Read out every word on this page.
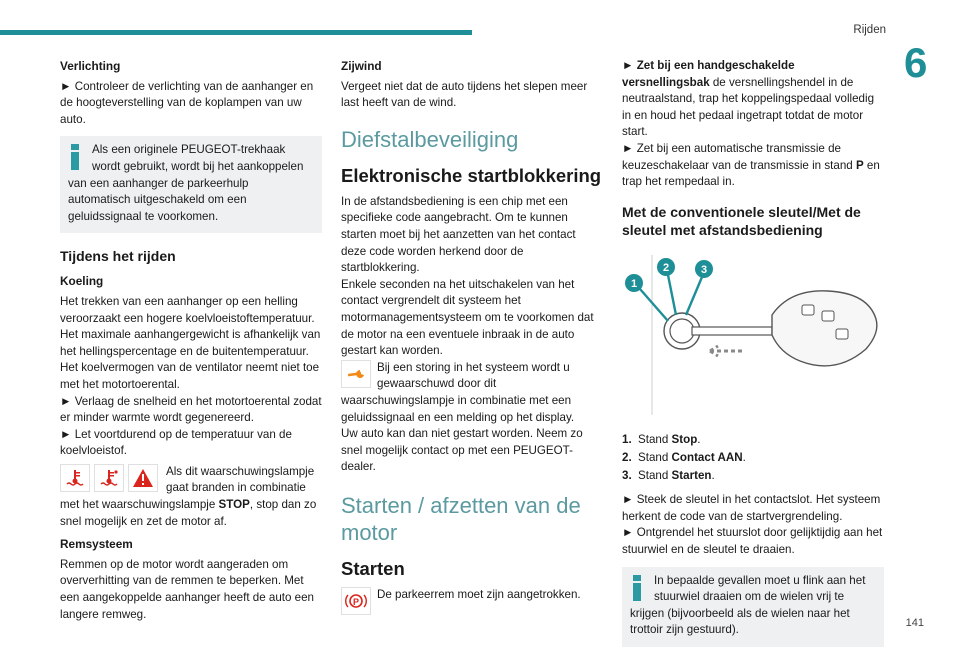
Rijden
6
141
Verlichting

► Controleer de verlichting van de aanhanger en de hoogteverstelling van de koplampen van uw auto.

Als een originele PEUGEOT-trekhaak wordt gebruikt, wordt bij het aankoppelen van een aanhanger de parkeerhulp automatisch uitgeschakeld om een geluidssignaal te voorkomen.
Tijdens het rijden
Koeling

Het trekken van een aanhanger op een helling veroorzaakt een hogere koelvloeistoftemperatuur.

Het maximale aanhangergewicht is afhankelijk van het hellingspercentage en de buitentemperatuur. Het koelvermogen van de ventilator neemt niet toe met het motortoerental.

► Verlaag de snelheid en het motortoerental zodat er minder warmte wordt gegenereerd.

► Let voortdurend op de temperatuur van de koelvloeistof.

Als dit waarschuwingslampje gaat branden in combinatie met het waarschuwingslampje STOP, stop dan zo snel mogelijk en zet de motor af.
Remsysteem

Remmen op de motor wordt aangeraden om oververhitting van de remmen te beperken. Met een aangekoppelde aanhanger heeft de auto een langere remweg.

Zijwind

Vergeet niet dat de auto tijdens het slepen meer last heeft van de wind.

Diefstalbeveiliging
Elektronische startblokkering

In de afstandsbediening is een chip met een specifieke code aangebracht. Om te kunnen starten moet bij het aanzetten van het contact deze code worden herkend door de startblokkering.

Enkele seconden na het uitschakelen van het contact vergrendelt dit systeem het motormanagementsysteem om te voorkomen dat de motor na een eventuele inbraak in de auto gestart kan worden.

Bij een storing in het systeem wordt u gewaarschuwd door dit waarschuwingslampje in combinatie met een geluidssignaal en een melding op het display.

Uw auto kan dan niet gestart worden. Neem zo snel mogelijk contact op met een PEUGEOT-dealer.

Starten / afzetten van de motor
Starten
P
De parkeerrem moet zijn aangetrokken.

► Zet bij een handgeschakelde versnellingsbak de versnellingshendel in de neutraalstand, trap het koppelingspedaal volledig in en houd het pedaal ingetrapt totdat de motor start.

► Zet bij een automatische transmissie de keuzeschakelaar van de transmissie in stand P en trap het rempedaal in.

Met de conventionele sleutel/Met de sleutel met afstandsbediening
1
2	3

1. Stand Stop.

2. Stand Contact AAN.

3. Stand Starten.

► Steek de sleutel in het contactslot. Het systeem herkent de code van de startvergrendeling.

► Ontgrendel het stuurslot door gelijktijdig aan het stuurwiel en de sleutel te draaien.

In bepaalde gevallen moet u flink aan het stuurwiel draaien om de wielen vrij te krijgen (bijvoorbeeld als de wielen naar het trottoir zijn gestuurd).
